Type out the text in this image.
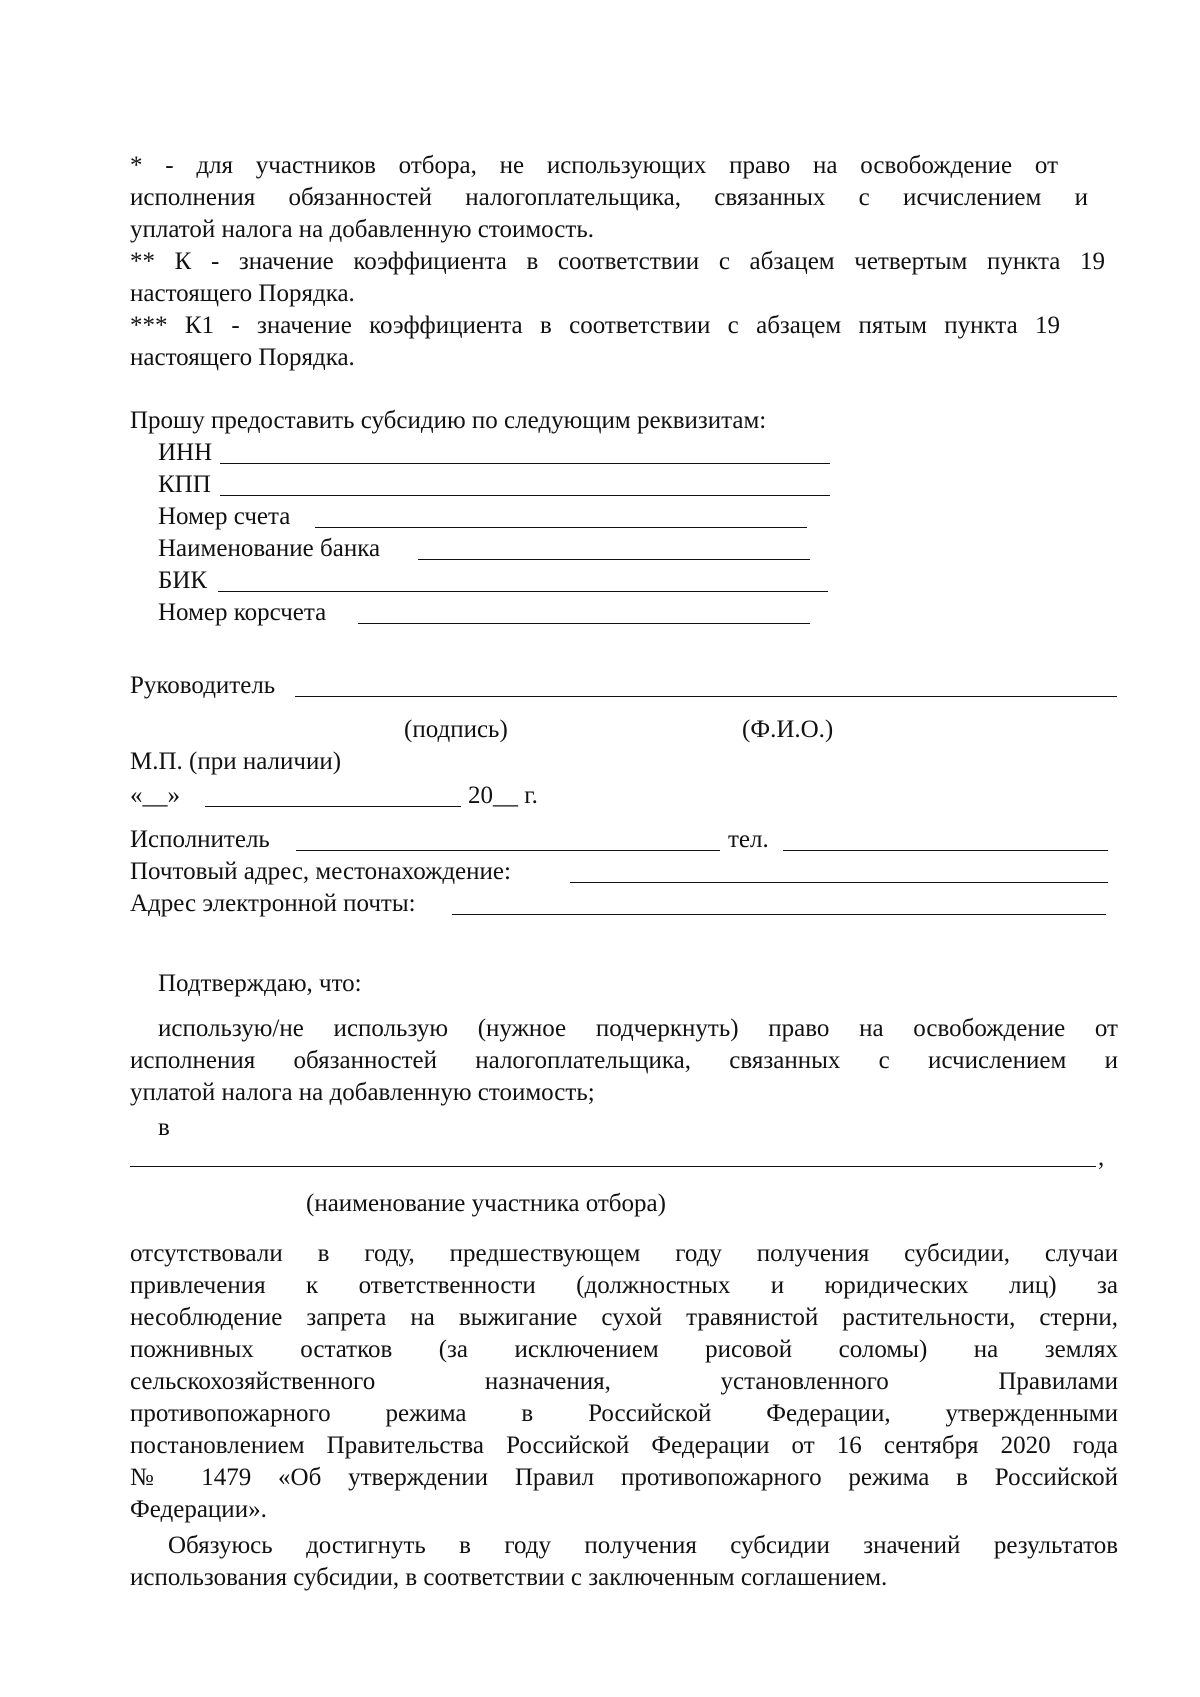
* - для участников отбора, не использующих право на освобождение от
исполнения обязанностей налогоплательщика, связанных с исчислением и
уплатой налога на добавленную стоимость.
** К - значение коэффициента в соответствии с абзацем четвертым пункта 19
настоящего Порядка.
*** К1 - значение коэффициента в соответствии с абзацем пятым пункта 19
настоящего Порядка.
Прошу предоставить субсидию по следующим реквизитам:
ИНН
КПП
Номер счета
Наименование банка
БИК
Номер корсчета
Руководитель
(подпись)	(Ф.И.О.)
М.П. (при наличии)
«__»	20__ г.
Исполнитель	тел.
Почтовый адрес, местонахождение:
Адрес электронной почты:
Подтверждаю, что:
использую/не использую (нужное подчеркнуть) право на освобождение от
исполнения обязанностей налогоплательщика, связанных с исчислением и
уплатой налога на добавленную стоимость;
в
,
(наименование участника отбора)
отсутствовали в году, предшествующем году получения субсидии, случаи
привлечения к ответственности (должностных и юридических лиц) за
несоблюдение запрета на выжигание сухой травянистой растительности, стерни,
пожнивных остатков (за исключением рисовой соломы) на землях
сельскохозяйственного назначения, установленного Правилами
противопожарного режима в Российской Федерации, утвержденными
постановлением Правительства Российской Федерации от 16 сентября 2020 года
№ 1479 «Об утверждении Правил противопожарного режима в Российской
Федерации».
Обязуюсь достигнуть в году получения субсидии значений результатов
использования субсидии, в соответствии с заключенным соглашением.
